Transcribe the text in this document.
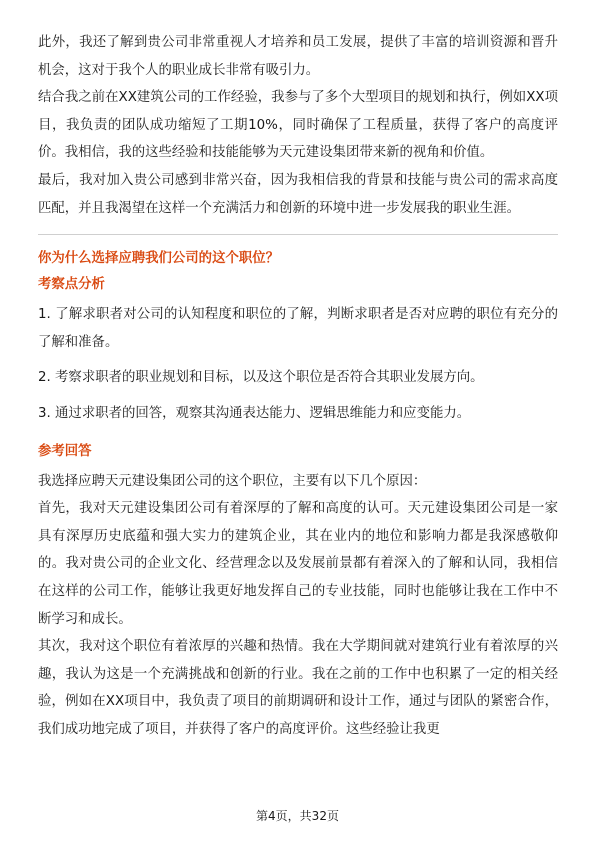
此外，我还了解到贵公司非常重视人才培养和员工发展，提供了丰富的培训资源和晋升机会，这对于我个人的职业成长非常有吸引力。

结合我之前在XX建筑公司的工作经验，我参与了多个大型项目的规划和执行，例如XX项目，我负责的团队成功缩短了工期10%，同时确保了工程质量，获得了客户的高度评价。我相信，我的这些经验和技能能够为天元建设集团带来新的视角和价值。

最后，我对加入贵公司感到非常兴奋，因为我相信我的背景和技能与贵公司的需求高度匹配，并且我渴望在这样一个充满活力和创新的环境中进一步发展我的职业生涯。

你为什么选择应聘我们公司的这个职位？
考察点分析

1. 了解求职者对公司的认知程度和职位的了解，判断求职者是否对应聘的职位有充分的了解和准备。

2. 考察求职者的职业规划和目标，以及这个职位是否符合其职业发展方向。

3. 通过求职者的回答，观察其沟通表达能力、逻辑思维能力和应变能力。

参考回答

我选择应聘天元建设集团公司的这个职位，主要有以下几个原因：

首先，我对天元建设集团公司有着深厚的了解和高度的认可。天元建设集团公司是一家具有深厚历史底蕴和强大实力的建筑企业，其在业内的地位和影响力都是我深感敬仰的。我对贵公司的企业文化、经营理念以及发展前景都有着深入的了解和认同，我相信在这样的公司工作，能够让我更好地发挥自己的专业技能，同时也能够让我在工作中不断学习和成长。

其次，我对这个职位有着浓厚的兴趣和热情。我在大学期间就对建筑行业有着浓厚的兴趣，我认为这是一个充满挑战和创新的行业。我在之前的工作中也积累了一定的相关经验，例如在XX项目中，我负责了项目的前期调研和设计工作，通过与团队的紧密合作，我们成功地完成了项目，并获得了客户的高度评价。这些经验让我更

第4页，共32页
